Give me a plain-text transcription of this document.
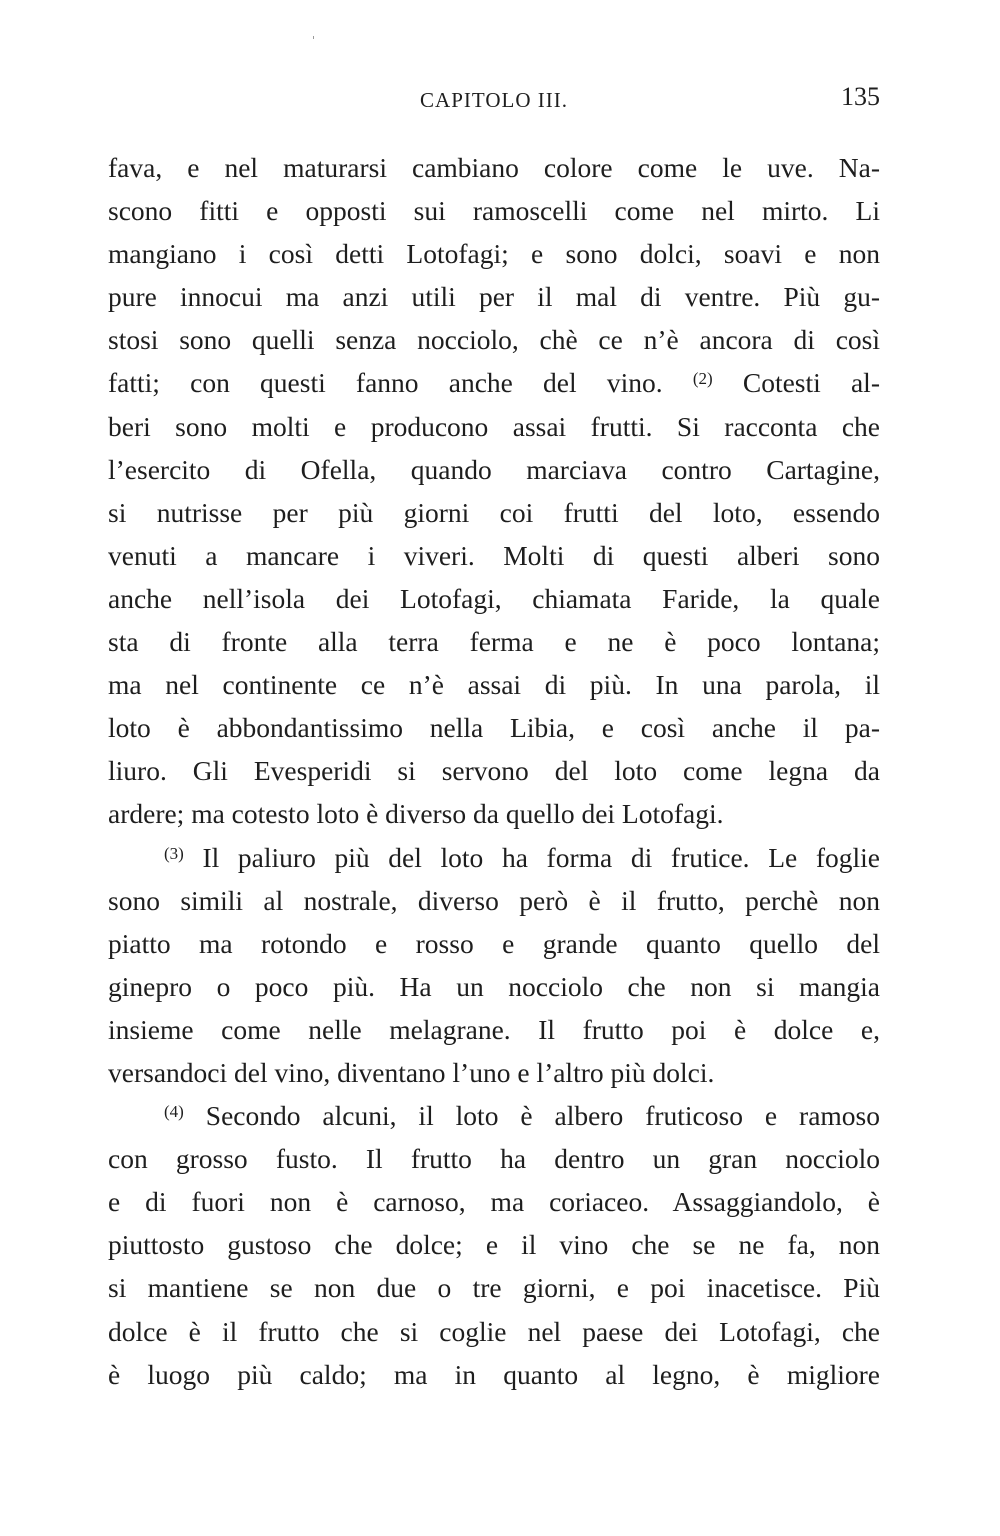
CAPITOLO III.	135
fava, e nel maturarsi cambiano colore come le uve. Na-
scono fitti e opposti sui ramoscelli come nel mirto. Li
mangiano i così detti Lotofagi; e sono dolci, soavi e non
pure innocui ma anzi utili per il mal di ventre. Più gu-
stosi sono quelli senza nocciolo, chè ce n’è ancora di così
fatti; con questi fanno anche del vino. $^{(2)}$ Cotesti al-
beri sono molti e producono assai frutti. Si racconta che
l’esercito di Ofella, quando marciava contro Cartagine,
si nutrisse per più giorni coi frutti del loto, essendo
venuti a mancare i viveri. Molti di questi alberi sono
anche nell’isola dei Lotofagi, chiamata Faride, la quale
sta di fronte alla terra ferma e ne è poco lontana;
ma nel continente ce n’è assai di più. In una parola, il
loto è abbondantissimo nella Libia, e così anche il pa-
liuro. Gli Evesperidi si servono del loto come legna da
ardere; ma cotesto loto è diverso da quello dei Lotofagi.
$^{(3)}$ Il paliuro più del loto ha forma di frutice. Le foglie
sono simili al nostrale, diverso però è il frutto, perchè non
piatto ma rotondo e rosso e grande quanto quello del
ginepro o poco più. Ha un nocciolo che non si mangia
insieme come nelle melagrane. Il frutto poi è dolce e,
versandoci del vino, diventano l’uno e l’altro più dolci.
$^{(4)}$ Secondo alcuni, il loto è albero fruticoso e ramoso
con grosso fusto. Il frutto ha dentro un gran nocciolo
e di fuori non è carnoso, ma coriaceo. Assaggiandolo, è
piuttosto gustoso che dolce; e il vino che se ne fa, non
si mantiene se non due o tre giorni, e poi inacetisce. Più
dolce è il frutto che si coglie nel paese dei Lotofagi, che
è luogo più caldo; ma in quanto al legno, è migliore
